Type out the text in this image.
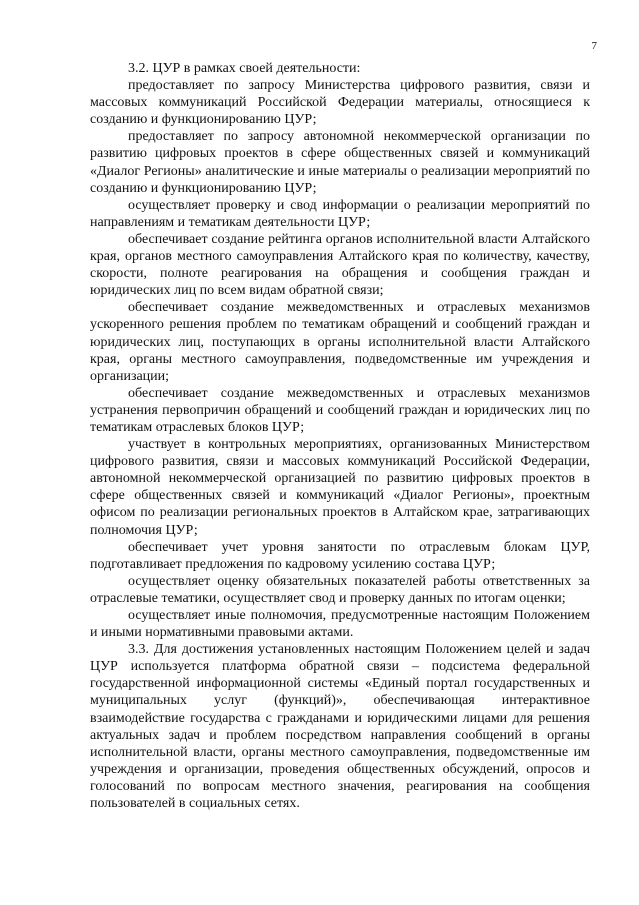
7

3.2. ЦУР в рамках своей деятельности:

предоставляет по запросу Министерства цифрового развития, связи и массовых коммуникаций Российской Федерации материалы, относящиеся к созданию и функционированию ЦУР;

предоставляет по запросу автономной некоммерческой организации по развитию цифровых проектов в сфере общественных связей и коммуникаций «Диалог Регионы» аналитические и иные материалы о реализации мероприятий по созданию и функционированию ЦУР;

осуществляет проверку и свод информации о реализации мероприятий по направлениям и тематикам деятельности ЦУР;

обеспечивает создание рейтинга органов исполнительной власти Алтайского края, органов местного самоуправления Алтайского края по количеству, качеству, скорости, полноте реагирования на обращения и сообщения граждан и юридических лиц по всем видам обратной связи;

обеспечивает создание межведомственных и отраслевых механизмов ускоренного решения проблем по тематикам обращений и сообщений граждан и юридических лиц, поступающих в органы исполнительной власти Алтайского края, органы местного самоуправления, подведомственные им учреждения и организации;

обеспечивает создание межведомственных и отраслевых механизмов устранения первопричин обращений и сообщений граждан и юридических лиц по тематикам отраслевых блоков ЦУР;

участвует в контрольных мероприятиях, организованных Министерством цифрового развития, связи и массовых коммуникаций Российской Федерации, автономной некоммерческой организацией по развитию цифровых проектов в сфере общественных связей и коммуникаций «Диалог Регионы», проектным офисом по реализации региональных проектов в Алтайском крае, затрагивающих полномочия ЦУР;

обеспечивает учет уровня занятости по отраслевым блокам ЦУР, подготавливает предложения по кадровому усилению состава ЦУР;

осуществляет оценку обязательных показателей работы ответственных за отраслевые тематики, осуществляет свод и проверку данных по итогам оценки;

осуществляет иные полномочия, предусмотренные настоящим Положением и иными нормативными правовыми актами.

3.3. Для достижения установленных настоящим Положением целей и задач ЦУР используется платформа обратной связи – подсистема федеральной государственной информационной системы «Единый портал государственных и муниципальных услуг (функций)», обеспечивающая интерактивное взаимодействие государства с гражданами и юридическими лицами для решения актуальных задач и проблем посредством направления сообщений в органы исполнительной власти, органы местного самоуправления, подведомственные им учреждения и организации, проведения общественных обсуждений, опросов и голосований по вопросам местного значения, реагирования на сообщения пользователей в социальных сетях.
